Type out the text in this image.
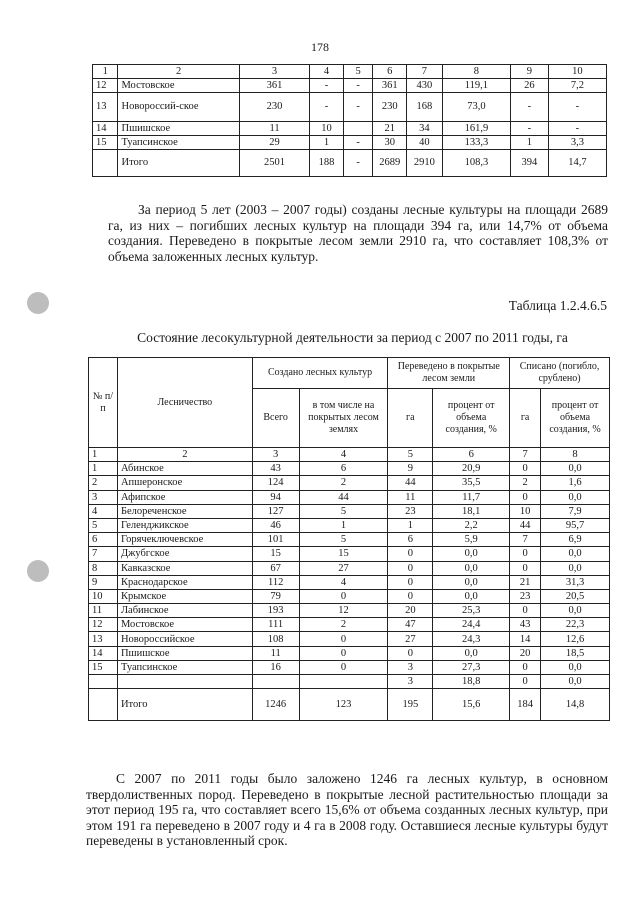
178
1	2	3	4	5	6	7	8	9	10
12	Мостовское	361	-	-	361	430	119,1	26	7,2
13	Новороссий-ское	230	-	-	230	168	73,0	-	-
14	Пшишское	11	10		21	34	161,9	-	-
15	Туапсинское	29	1	-	30	40	133,3	1	3,3
	Итого	2501	188	-	2689	2910	108,3	394	14,7

За период 5 лет (2003 – 2007 годы) созданы лесные культуры на площади 2689 га, из них – погибших лесных культур на площади 394 га, или 14,7% от объема создания. Переведено в покрытые лесом земли 2910 га, что составляет 108,3% от объема заложенных лесных культур.

Таблица 1.2.4.6.5
Состояние лесокультурной деятельности за период с 2007 по 2011 годы, га
№ п/п	Лесничество	Создано лесных культур		Переведено в покрытые лесом земли		Списано (погибло, срублено)	
		Всего	в том числе на покрытых лесом землях	га	процент от объема создания, %	га	процент от объема создания, %
1	2	3	4	5	6	7	8
1	Абинское	43	6	9	20,9	0	0,0
2	Апшеронское	124	2	44	35,5	2	1,6
3	Афипское	94	44	11	11,7	0	0,0
4	Белореченское	127	5	23	18,1	10	7,9
5	Геленджикское	46	1	1	2,2	44	95,7
6	Горячеключевское	101	5	6	5,9	7	6,9
7	Джубгское	15	15	0	0,0	0	0,0
8	Кавказское	67	27	0	0,0	0	0,0
9	Краснодарское	112	4	0	0,0	21	31,3
10	Крымское	79	0	0	0,0	23	20,5
11	Лабинское	193	12	20	25,3	0	0,0
12	Мостовское	111	2	47	24,4	43	22,3
13	Новороссийское	108	0	27	24,3	14	12,6
14	Пшишское	11	0	0	0,0	20	18,5
15	Туапсинское	16	0	3	27,3	0	0,0
				3	18,8	0	0,0
	Итого	1246	123	195	15,6	184	14,8

С 2007 по 2011 годы было заложено 1246 га лесных культур, в основном твердолиственных пород. Переведено в покрытые лесной растительностью площади за этот период 195 га, что составляет всего 15,6% от объема созданных лесных культур, при этом 191 га переведено в 2007 году и 4 га в 2008 году. Оставшиеся лесные культуры будут переведены в установленный срок.
